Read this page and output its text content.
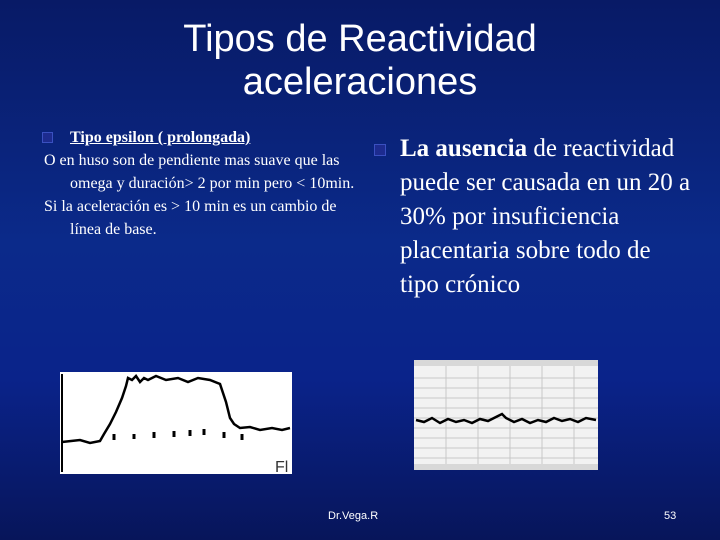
Tipos de Reactividad
aceleraciones
Tipo epsilon ( prolongada)
O en huso son de pendiente mas suave que las omega y duración> 2 por min pero < 10min.
Si la aceleración es > 10 min es un cambio de línea de base.
La ausencia de reactividad puede ser causada en un 20 a 30% por insuficiencia placentaria sobre todo de tipo crónico
Fl
Dr.Vega.R	53
